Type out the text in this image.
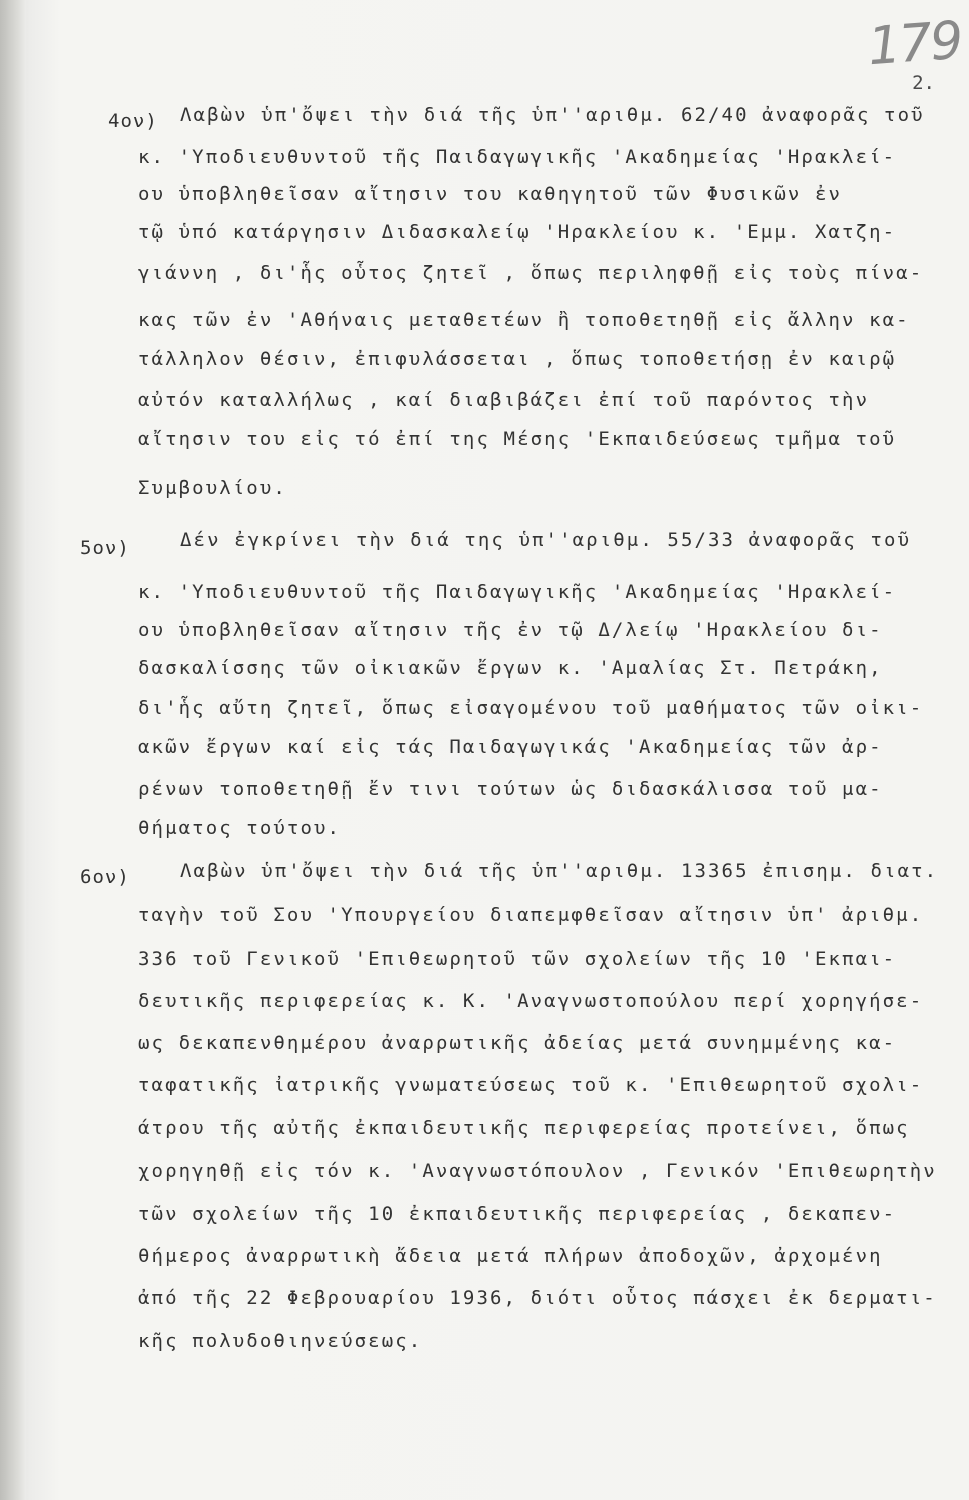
179
2.
4ον) Λαβὼν ὑπ'ὄψει τὴν διά τῆς ὑπ''αριθμ. 62/40 ἀναφορᾶς τοῦ
κ. 'Υποδιευθυντοῦ τῆς Παιδαγωγικῆς 'Ακαδημείας 'Ηρακλεί-
ου ὑποβληθεῖσαν αἴτησιν του καθηγητοῦ τῶν Φυσικῶν ἐν
τῷ ὑπό κατάργησιν Διδασκαλείῳ 'Ηρακλείου κ. 'Εμμ. Χατζη-
γιάννη , δι'ἧς οὗτος ζητεῖ , ὅπως περιληφθῇ εἰς τοὺς πίνα-
κας τῶν ἐν 'Αθήναις μεταθετέων ἢ τοποθετηθῇ εἰς ἄλλην κα-
τάλληλον θέσιν, ἐπιφυλάσσεται , ὅπως τοποθετήσῃ ἐν καιρῷ
αὐτόν καταλλήλως , καί διαβιβάζει ἐπί τοῦ παρόντος τὴν
αἴτησιν του εἰς τό ἐπί της Μέσης 'Εκπαιδεύσεως τμῆμα τοῦ
Συμβουλίου.
5ον)	Δέν ἐγκρίνει τὴν διά της ὑπ''αριθμ. 55/33 ἀναφορᾶς τοῦ
κ. 'Υποδιευθυντοῦ τῆς Παιδαγωγικῆς 'Ακαδημείας 'Ηρακλεί-
ου ὑποβληθεῖσαν αἴτησιν τῆς ἐν τῷ Δ/λείῳ 'Ηρακλείου δι-
δασκαλίσσης τῶν οἰκιακῶν ἔργων κ. 'Αμαλίας Στ. Πετράκη,
δι'ἧς αὔτη ζητεῖ, ὅπως εἰσαγομένου τοῦ μαθήματος τῶν οἰκι-
ακῶν ἔργων καί εἰς τάς Παιδαγωγικάς 'Ακαδημείας τῶν ἀρ-
ρένων τοποθετηθῇ ἔν τινι τούτων ὡς διδασκάλισσα τοῦ μα-
θήματος τούτου.
6ον)	Λαβὼν ὑπ'ὄψει τὴν διά τῆς ὑπ''αριθμ. 13365 ἐπισημ. διατ.
ταγὴν τοῦ Σου 'Υπουργείου διαπεμφθεῖσαν αἴτησιν ὑπ' ἀριθμ.
336 τοῦ Γενικοῦ 'Επιθεωρητοῦ τῶν σχολείων τῆς 10 'Εκπαι-
δευτικῆς περιφερείας κ. Κ. 'Αναγνωστοπούλου περί χορηγήσε-
ως δεκαπενθημέρου ἀναρρωτικῆς ἀδείας μετά συνημμένης κα-
ταφατικῆς ἰατρικῆς γνωματεύσεως τοῦ κ. 'Επιθεωρητοῦ σχολι-
άτρου τῆς αὐτῆς ἐκπαιδευτικῆς περιφερείας προτείνει, ὅπως
χορηγηθῇ εἰς τόν κ. 'Αναγνωστόπουλον , Γενικόν 'Επιθεωρητὴν
τῶν σχολείων τῆς 10 ἐκπαιδευτικῆς περιφερείας , δεκαπεν-
θήμερος ἀναρρωτικὴ ἄδεια μετά πλήρων ἀποδοχῶν, ἀρχομένη
ἀπό τῆς 22 Φεβρουαρίου 1936, διότι οὗτος πάσχει ἐκ δερματι-
κῆς πολυδοθιηνεύσεως.
